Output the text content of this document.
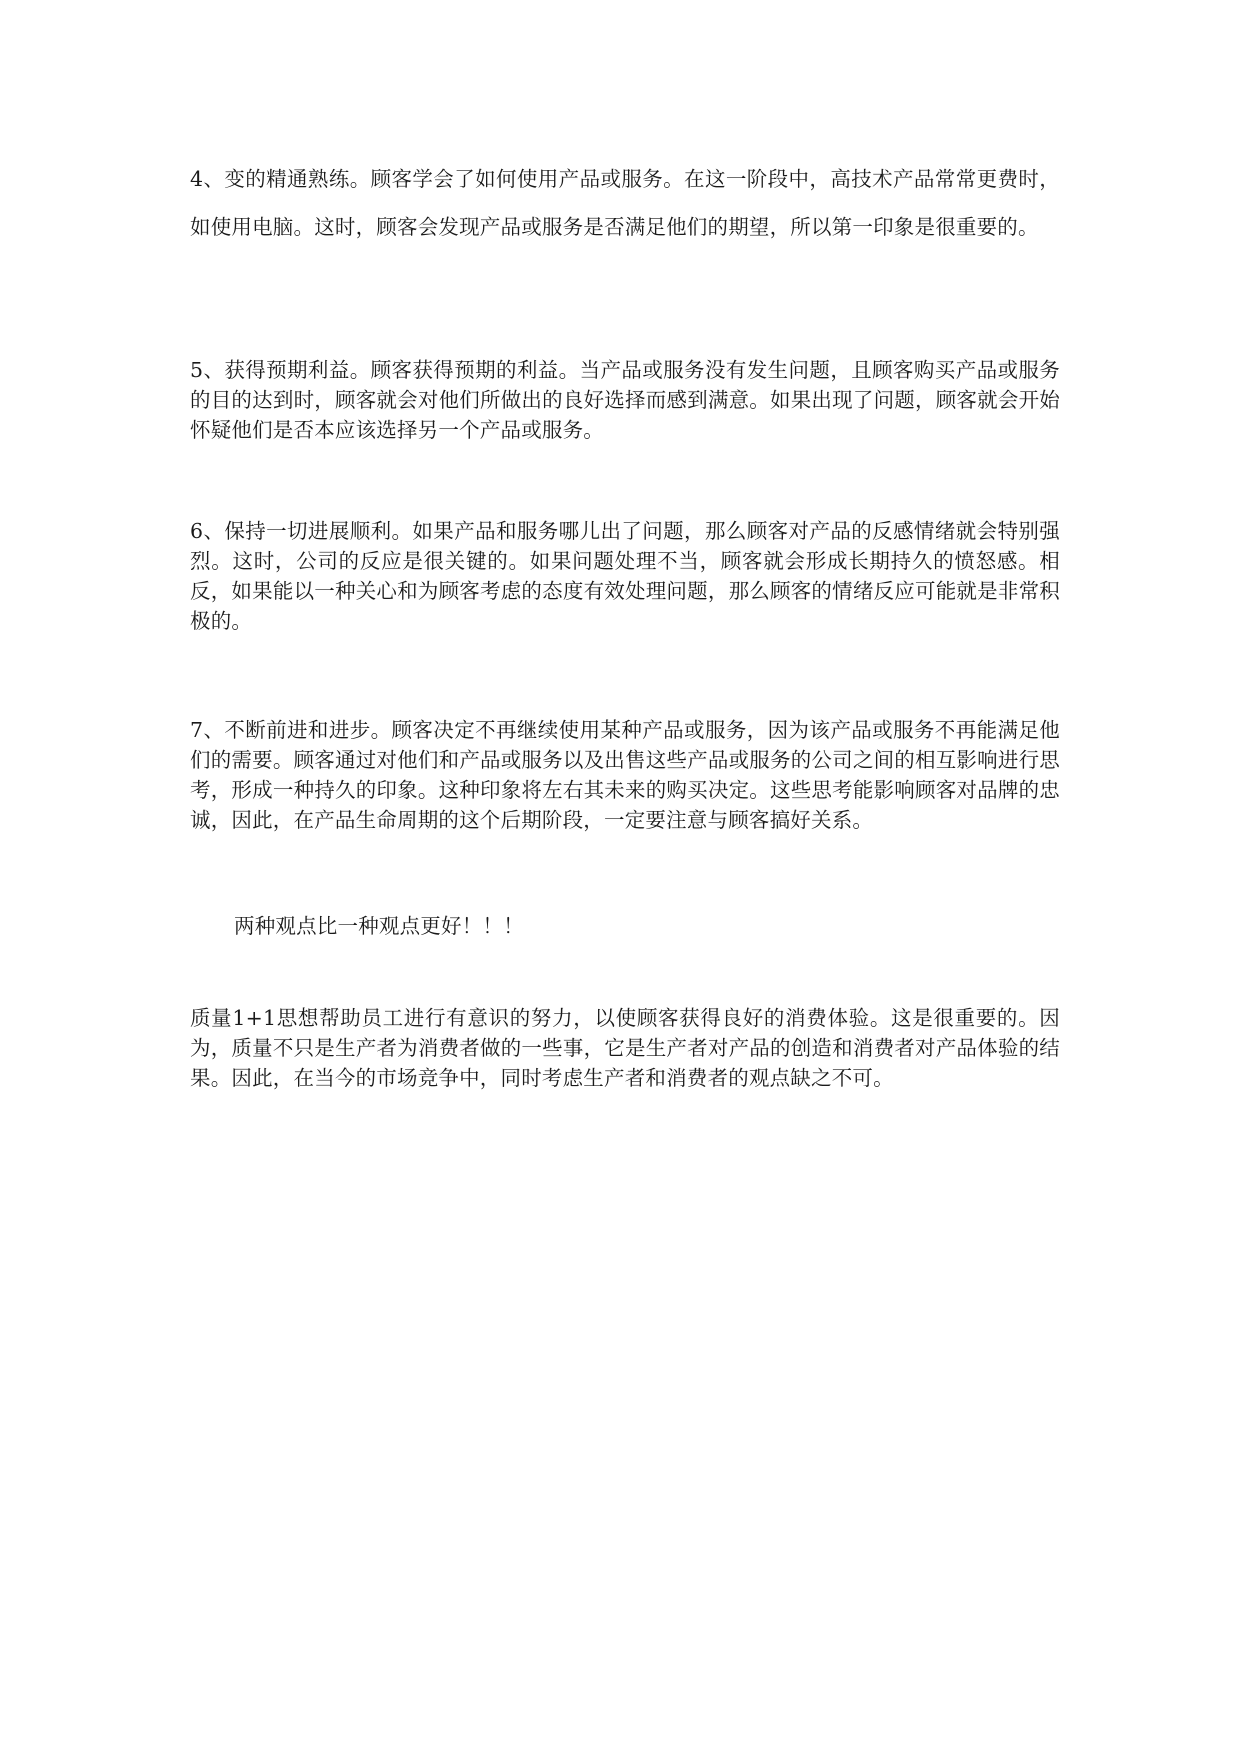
4、变的精通熟练。顾客学会了如何使用产品或服务。在这一阶段中，高技术产品常常更费时，如使用电脑。这时，顾客会发现产品或服务是否满足他们的期望，所以第一印象是很重要的。

5、获得预期利益。顾客获得预期的利益。当产品或服务没有发生问题，且顾客购买产品或服务的目的达到时，顾客就会对他们所做出的良好选择而感到满意。如果出现了问题，顾客就会开始怀疑他们是否本应该选择另一个产品或服务。

6、保持一切进展顺利。如果产品和服务哪儿出了问题，那么顾客对产品的反感情绪就会特别强烈。这时，公司的反应是很关键的。如果问题处理不当，顾客就会形成长期持久的愤怒感。相反，如果能以一种关心和为顾客考虑的态度有效处理问题，那么顾客的情绪反应可能就是非常积极的。

7、不断前进和进步。顾客决定不再继续使用某种产品或服务，因为该产品或服务不再能满足他们的需要。顾客通过对他们和产品或服务以及出售这些产品或服务的公司之间的相互影响进行思考，形成一种持久的印象。这种印象将左右其未来的购买决定。这些思考能影响顾客对品牌的忠诚，因此，在产品生命周期的这个后期阶段，一定要注意与顾客搞好关系。

两种观点比一种观点更好！！！

质量1+1思想帮助员工进行有意识的努力，以使顾客获得良好的消费体验。这是很重要的。因为，质量不只是生产者为消费者做的一些事，它是生产者对产品的创造和消费者对产品体验的结果。因此，在当今的市场竞争中，同时考虑生产者和消费者的观点缺之不可。
